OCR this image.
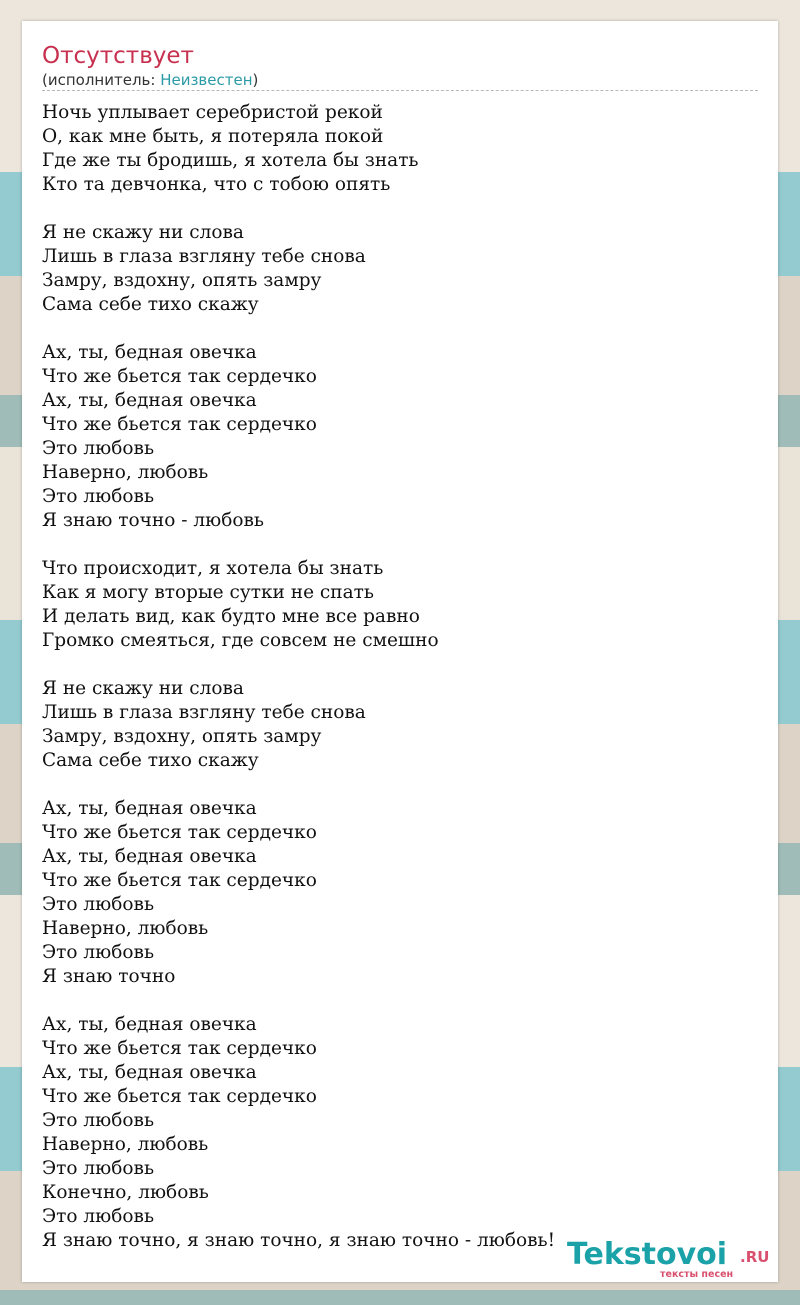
Отсутствует
(исполнитель: Неизвестен)
Ночь уплывает серебристой рекой
О, как мне быть, я потеряла покой
Где же ты бродишь, я хотела бы знать
Кто та девчонка, что с тобою опять

Я не скажу ни слова
Лишь в глаза взгляну тебе снова
Замру, вздохну, опять замру
Сама себе тихо скажу

Ах, ты, бедная овечка
Что же бьется так сердечко
Ах, ты, бедная овечка
Что же бьется так сердечко
Это любовь
Наверно, любовь
Это любовь
Я знаю точно - любовь

Что происходит, я хотела бы знать
Как я могу вторые сутки не спать
И делать вид, как будто мне все равно
Громко смеяться, где совсем не смешно

Я не скажу ни слова
Лишь в глаза взгляну тебе снова
Замру, вздохну, опять замру
Сама себе тихо скажу

Ах, ты, бедная овечка
Что же бьется так сердечко
Ах, ты, бедная овечка
Что же бьется так сердечко
Это любовь
Наверно, любовь
Это любовь
Я знаю точно

Ах, ты, бедная овечка
Что же бьется так сердечко
Ах, ты, бедная овечка
Что же бьется так сердечко
Это любовь
Наверно, любовь
Это любовь
Конечно, любовь
Это любовь
Я знаю точно, я знаю точно, я знаю точно - любовь! Tekstovoi .RU
тексты песен
